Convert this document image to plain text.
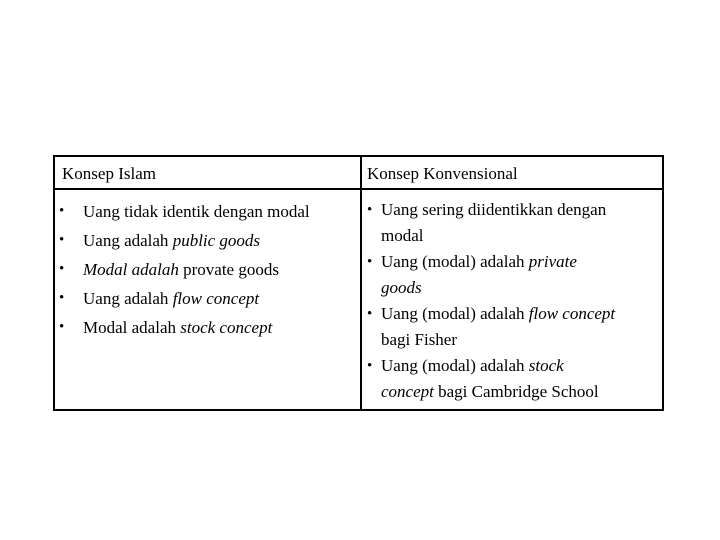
Konsep Islam	Konsep Konvensional
• Uang tidak identik dengan modal
• Uang adalah public goods
• Modal adalah provate goods
• Uang adalah flow concept
• Modal adalah stock concept
• Uang sering diidentikkan dengan
modal
• Uang (modal) adalah private
goods
• Uang (modal) adalah flow concept
bagi Fisher
• Uang (modal) adalah stock
concept bagi Cambridge School
